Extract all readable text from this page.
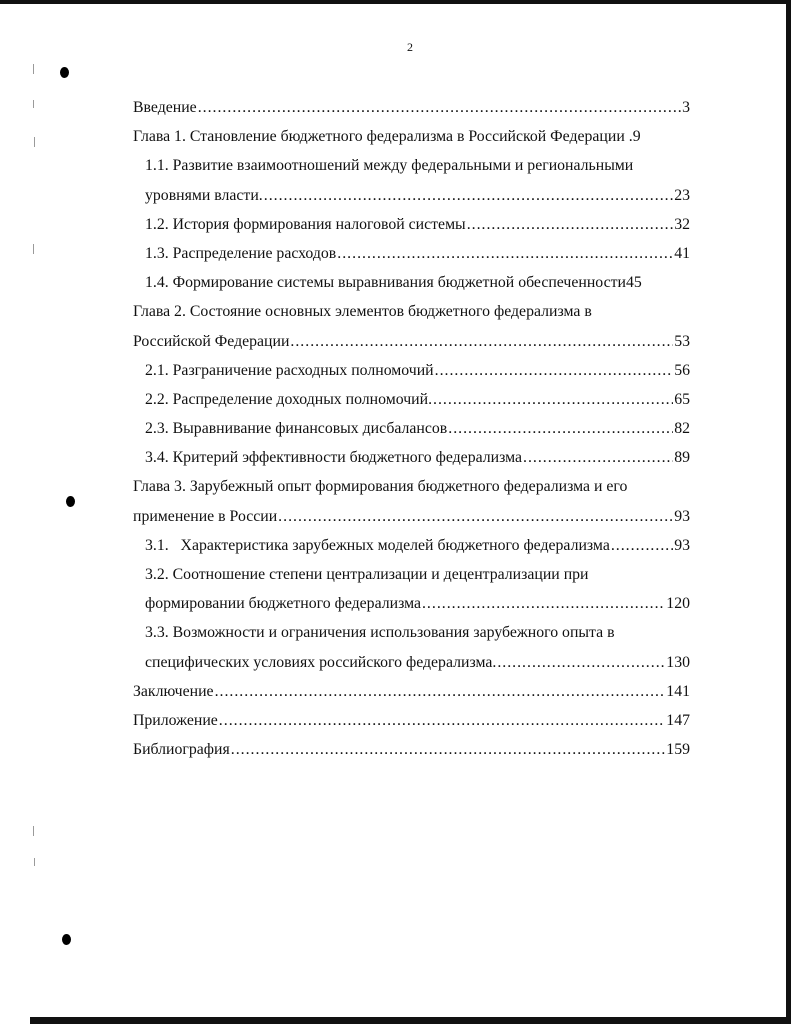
2
Введение .....	3
Глава 1. Становление бюджетного федерализма в Российской Федерации . 9
1.1. Развитие взаимоотношений между федеральными и региональными
уровнями власти. .....	23
1.2. История формирования налоговой системы .....	32
1.3. Распределение расходов .....	41
1.4. Формирование системы выравнивания бюджетной обеспеченности 45
Глава 2. Состояние основных элементов бюджетного федерализма в
Российской Федерации .....	53
2.1. Разграничение расходных полномочий .....	56
2.2. Распределение доходных полномочий. .....	65
2.3. Выравнивание финансовых дисбалансов .....	82
3.4. Критерий эффективности бюджетного федерализма .....	89
Глава 3. Зарубежный опыт формирования бюджетного федерализма и его
применение в России .....	93
3.1.   Характеристика зарубежных моделей бюджетного федерализма .....	93
3.2. Соотношение степени централизации и децентрализации при
формировании бюджетного федерализма .....	120
3.3. Возможности и ограничения использования зарубежного опыта в
специфических условиях российского федерализма. .....	130
Заключение .....	141
Приложение .....	147
Библиография .....	159
